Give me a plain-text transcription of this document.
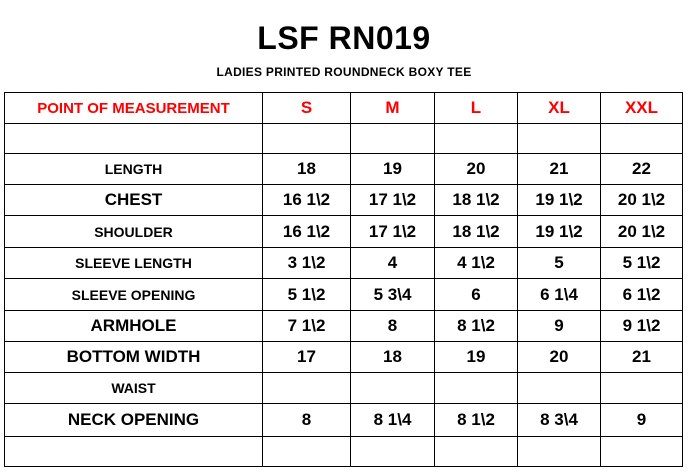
LSF RN019
LADIES PRINTED ROUNDNECK BOXY TEE
POINT OF MEASUREMENT	S	M	L	XL	XXL

LENGTH	18	19	20	21	22
CHEST	16 1\2	17 1\2	18 1\2	19 1\2	20 1\2
SHOULDER	16 1\2	17 1\2	18 1\2	19 1\2	20 1\2
SLEEVE LENGTH	3 1\2	4	4 1\2	5	5 1\2
SLEEVE OPENING	5 1\2	5 3\4	6	6 1\4	6 1\2
ARMHOLE	7 1\2	8	8 1\2	9	9 1\2
BOTTOM WIDTH	17	18	19	20	21
WAIST					
NECK OPENING	8	8 1\4	8 1\2	8 3\4	9
